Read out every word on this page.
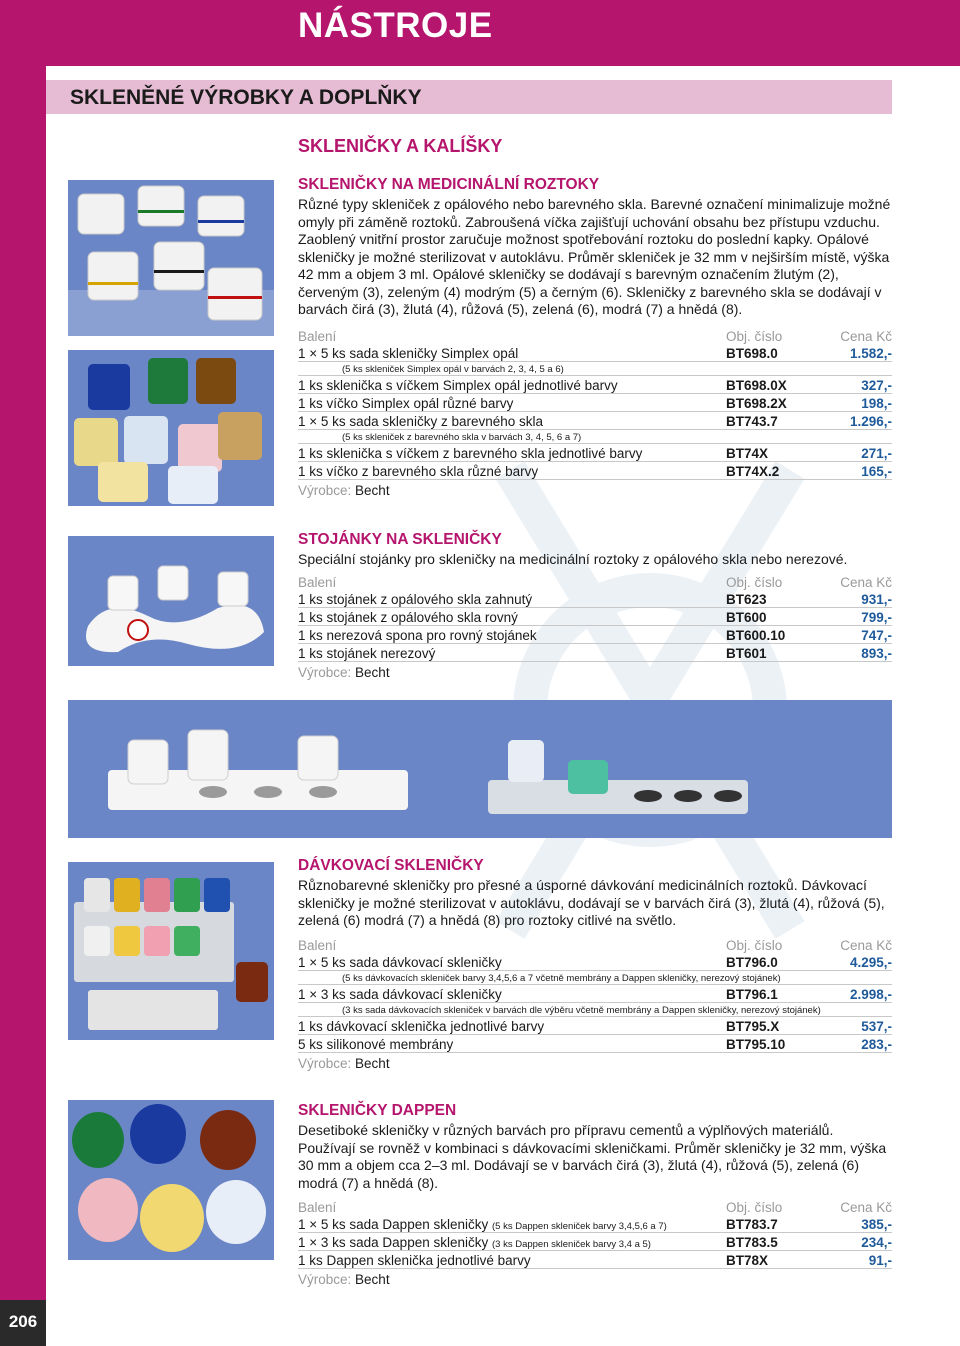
NÁSTROJE
206
SKLENĚNÉ VÝROBKY A DOPLŇKY
SKLENIČKY A KALÍŠKY
SKLENIČKY NA MEDICINÁLNÍ ROZTOKY

Různé typy skleniček z opálového nebo barevného skla. Barevné označení minimalizuje možné omyly při záměně roztoků. Zabroušená víčka zajišťují uchování obsahu bez přístupu vzduchu. Zaoblený vnitřní prostor zaručuje možnost spotřebování roztoku do poslední kapky. Opálové skleničky je možné sterilizovat v autoklávu. Průměr skleniček je 32 mm v nejširším místě, výška 42 mm a objem 3 ml. Opálové skleničky se dodávají s barevným označením žlutým (2), červeným (3), zeleným (4) modrým (5) a černým (6). Skleničky z barevného skla se dodávají v barvách čirá (3), žlutá (4), růžová (5), zelená (6), modrá (7) a hnědá (8).

Balení	Obj. číslo	Cena Kč
1 × 5 ks sada skleničky Simplex opál	BT698.0	1.582,-
(5 ks skleniček Simplex opál v barvách 2, 3, 4, 5 a 6)		
1 ks sklenička s víčkem Simplex opál jednotlivé barvy	BT698.0X	327,-
1 ks víčko Simplex opál různé barvy	BT698.2X	198,-
1 × 5 ks sada skleničky z barevného skla	BT743.7	1.296,-
(5 ks skleniček z barevného skla v barvách 3, 4, 5, 6 a 7)		
1 ks sklenička s víčkem z barevného skla jednotlivé barvy	BT74X	271,-
1 ks víčko z barevného skla různé barvy	BT74X.2	165,-
Výrobce: Becht		
STOJÁNKY NA SKLENIČKY

Speciální stojánky pro skleničky na medicinální roztoky z opálového skla nebo nerezové.

Balení	Obj. číslo	Cena Kč
1 ks stojánek z opálového skla zahnutý	BT623	931,-
1 ks stojánek z opálového skla rovný	BT600	799,-
1 ks nerezová spona pro rovný stojánek	BT600.10	747,-
1 ks stojánek nerezový	BT601	893,-
Výrobce: Becht		
DÁVKOVACÍ SKLENIČKY

Různobarevné skleničky pro přesné a úsporné dávkování medicinálních roztoků. Dávkovací skleničky je možné sterilizovat v autoklávu, dodávají se v barvách čirá (3), žlutá (4), růžová (5), zelená (6) modrá (7) a hnědá (8) pro roztoky citlivé na světlo.

Balení	Obj. číslo	Cena Kč
1 × 5 ks sada dávkovací skleničky	BT796.0	4.295,-
(5 ks dávkovacích skleniček barvy 3,4,5,6 a 7 včetně membrány a Dappen skleničky, nerezový stojánek)		
1 × 3 ks sada dávkovací skleničky	BT796.1	2.998,-
(3 ks sada dávkovacích skleniček v barvách dle výběru včetně membrány a Dappen skleničky, nerezový stojánek)		
1 ks dávkovací sklenička jednotlivé barvy	BT795.X	537,-
5 ks silikonové membrány	BT795.10	283,-
Výrobce: Becht		
SKLENIČKY DAPPEN

Desetiboké skleničky v různých barvách pro přípravu cementů a výplňových materiálů. Používají se rovněž v kombinaci s dávkovacími skleničkami. Průměr skleničky je 32 mm, výška 30 mm a objem cca 2–3 ml. Dodávají se v barvách čirá (3), žlutá (4), růžová (5), zelená (6) modrá (7) a hnědá (8).

Balení	Obj. číslo	Cena Kč
1 × 5 ks sada Dappen skleničky (5 ks Dappen skleniček barvy 3,4,5,6 a 7)	BT783.7	385,-
1 × 3 ks sada Dappen skleničky (3 ks Dappen skleniček barvy 3,4 a 5)	BT783.5	234,-
1 ks Dappen sklenička jednotlivé barvy	BT78X	91,-
Výrobce: Becht		
